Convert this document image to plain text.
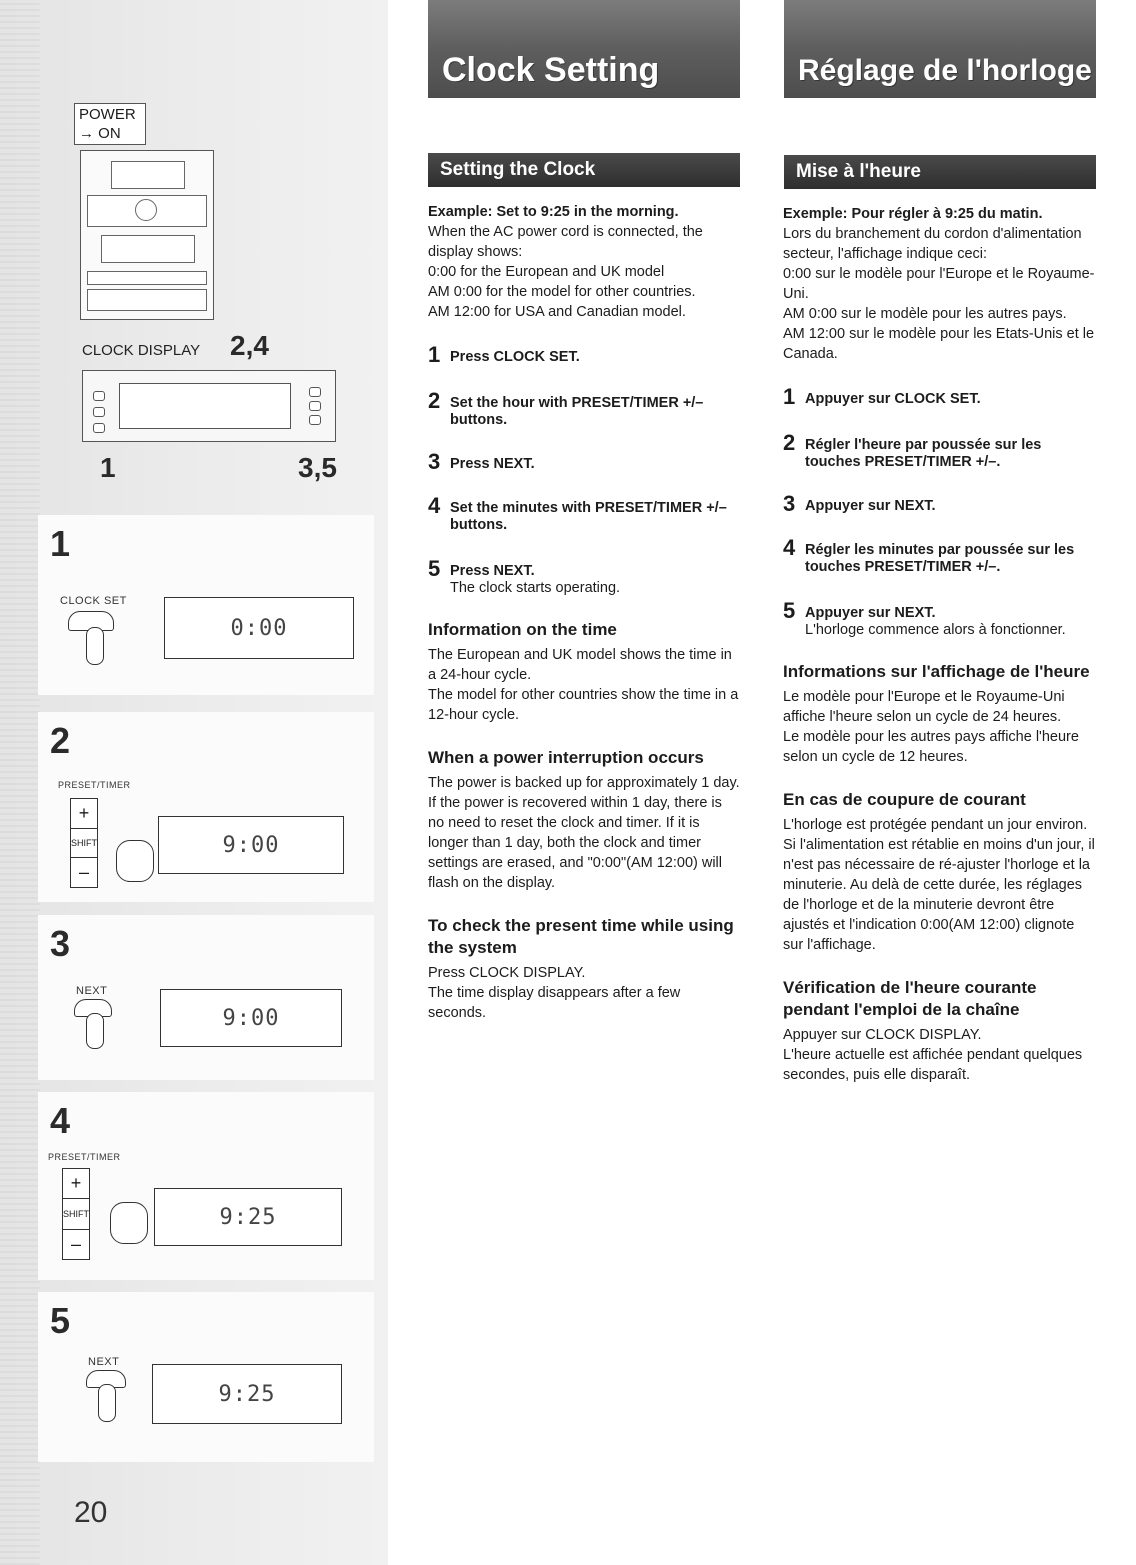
POWER
→ ON
CLOCK DISPLAY 2,4
1	3,5
1
CLOCK SET
0:00
2
PRESET/TIMER
+
SHIFT
–
9:00
3
NEXT
9:00
4
PRESET/TIMER
+
SHIFT
–
9:25
5
NEXT
9:25
20
Clock Setting
Setting the Clock

Example: Set to 9:25 in the morning.

When the AC power cord is connected, the display shows:

0:00 for the European and UK model

AM 0:00 for the model for other countries.

AM 12:00 for USA and Canadian model.

1 Press CLOCK SET.
2 Set the hour with PRESET/TIMER +/– buttons.
3 Press NEXT.
4 Set the minutes with PRESET/TIMER +/– buttons.
5 Press NEXT.
The clock starts operating.
Information on the time

The European and UK model shows the time in a 24-hour cycle.
The model for other countries show the time in a 12-hour cycle.

When a power interruption occurs

The power is backed up for approximately 1 day. If the power is recovered within 1 day, there is no need to reset the clock and timer. If it is longer than 1 day, both the clock and timer settings are erased, and "0:00"(AM 12:00) will flash on the display.

To check the present time while using the system

Press CLOCK DISPLAY.
The time display disappears after a few seconds.

Réglage de l'horloge
Mise à l'heure

Exemple: Pour régler à 9:25 du matin.

Lors du branchement du cordon d'alimentation secteur, l'affichage indique ceci:

0:00 sur le modèle pour l'Europe et le Royaume-Uni.

AM 0:00 sur le modèle pour les autres pays.

AM 12:00 sur le modèle pour les Etats-Unis et le Canada.

1 Appuyer sur CLOCK SET.
2 Régler l'heure par poussée sur les touches PRESET/TIMER +/–.
3 Appuyer sur NEXT.
4 Régler les minutes par poussée sur les touches PRESET/TIMER +/–.
5 Appuyer sur NEXT.
L'horloge commence alors à fonctionner.
Informations sur l'affichage de l'heure

Le modèle pour l'Europe et le Royaume-Uni affiche l'heure selon un cycle de 24 heures.
Le modèle pour les autres pays affiche l'heure selon un cycle de 12 heures.

En cas de coupure de courant

L'horloge est protégée pendant un jour environ. Si l'alimentation est rétablie en moins d'un jour, il n'est pas nécessaire de ré-ajuster l'horloge et la minuterie. Au delà de cette durée, les réglages de l'horloge et de la minuterie devront être ajustés et l'indication 0:00(AM 12:00) clignote sur l'affichage.

Vérification de l'heure courante pendant l'emploi de la chaîne

Appuyer sur CLOCK DISPLAY.
L'heure actuelle est affichée pendant quelques secondes, puis elle disparaît.
